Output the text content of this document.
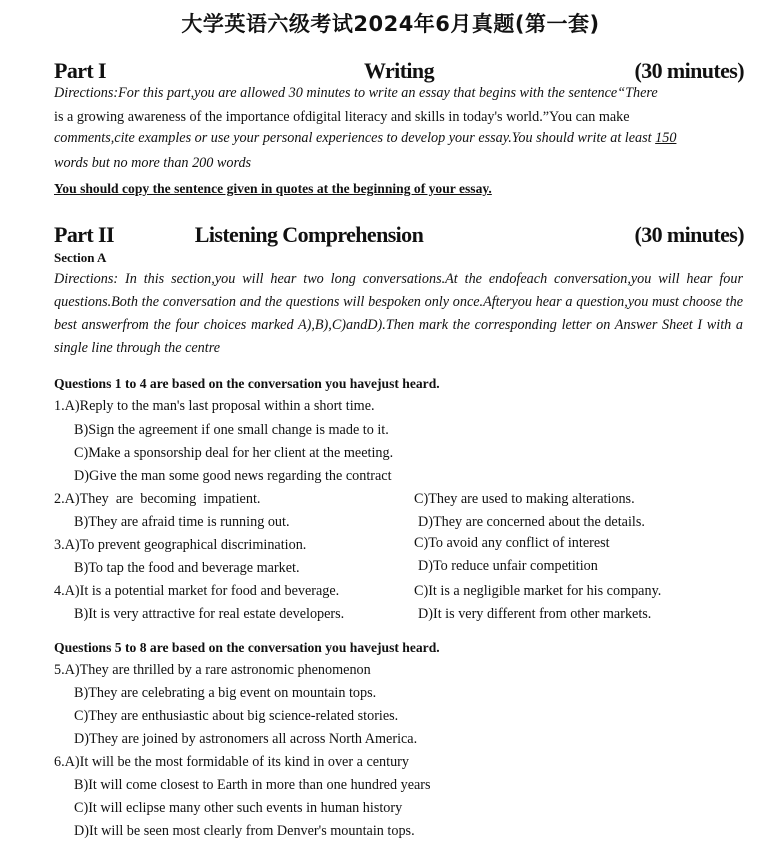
大学英语六级考试2024年6月真题(第一套)
Part I	Writing	(30 minutes)
Directions:For this part,you are allowed 30 minutes to write an essay that begins with the sentence“There
is a growing awareness of the importance ofdigital literacy and skills in today's world.”You can make
comments,cite examples or use your personal experiences to develop your essay.You should write at least 150
words but no more than 200 words
You should copy the sentence given in quotes at the beginning of your essay.
Part II	Listening Comprehension	(30 minutes)
Section A
Directions: In this section,you will hear two long conversations.At the endofeach conversation,you will hear four questions.Both the conversation and the questions will bespoken only once.Afteryou hear a question,you must choose the best answerfrom the four choices marked A),B),C)andD).Then mark the corresponding letter on Answer Sheet I with a single line through the centre
Questions 1 to 4 are based on the conversation you havejust heard.
1.A)Reply to the man's last proposal within a short time.
B)Sign the agreement if one small change is made to it.
C)Make a sponsorship deal for her client at the meeting.
D)Give the man some good news regarding the contract
2.A)They  are  becoming  impatient.	C)They are used to making alterations.
B)They are afraid time is running out.	D)They are concerned about the details.
3.A)To prevent geographical discrimination.	C)To avoid any conflict of interest
B)To tap the food and beverage market.	D)To reduce unfair competition
4.A)It is a potential market for food and beverage.	C)It is a negligible market for his company.
B)It is very attractive for real estate developers.	D)It is very different from other markets.
Questions 5 to 8 are based on the conversation you havejust heard.
5.A)They are thrilled by a rare astronomic phenomenon
B)They are celebrating a big event on mountain tops.
C)They are enthusiastic about big science-related stories.
D)They are joined by astronomers all across North America.
6.A)It will be the most formidable of its kind in over a century
B)It will come closest to Earth in more than one hundred years
C)It will eclipse many other such events in human history
D)It will be seen most clearly from Denver's mountain tops.
